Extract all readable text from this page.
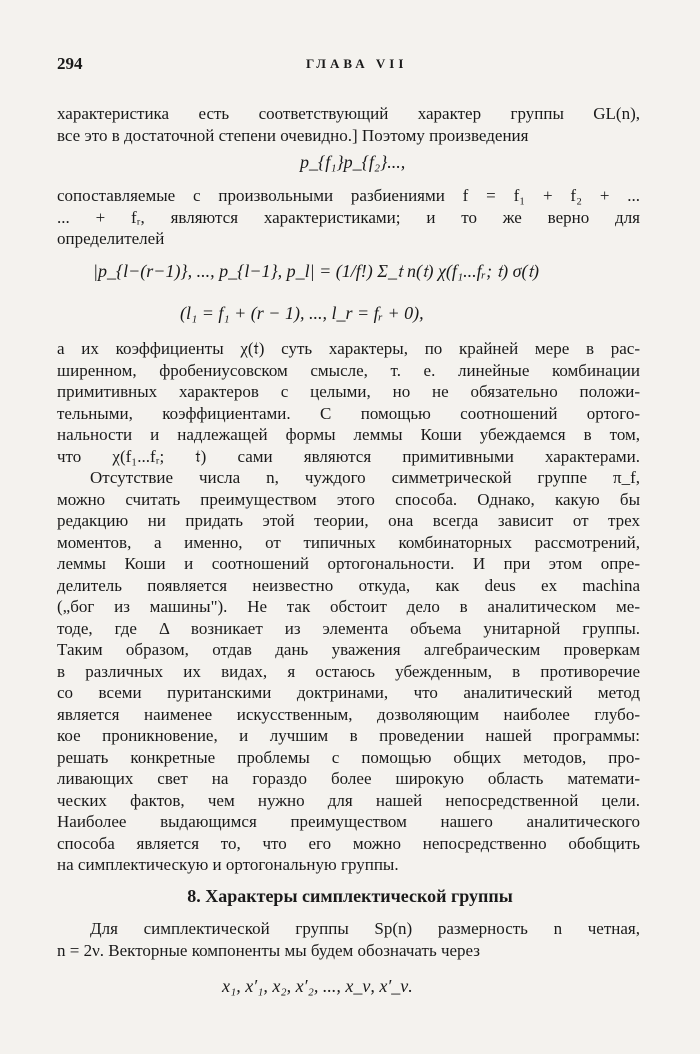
294	ГЛАВА VII
характеристика есть соответствующий характер группы GL(n),
все это в достаточной степени очевидно.] Поэтому произведения
p_{f₁}p_{f₂}...,
сопоставляемые с произвольными разбиениями f = f₁ + f₂ + ...
... + fᵣ, являются характеристиками; и то же верно для
определителей
|p_{l−(r−1)}, ..., p_{l−1}, p_l| = (1/f!) Σ_𝔱 n(𝔱) χ(f₁...fᵣ; 𝔱) σ(𝔱)
(l₁ = f₁ + (r − 1), ..., l_r = fᵣ + 0),
а их коэффициенты χ(𝔱) суть характеры, по крайней мере в рас-
ширенном, фробениусовском смысле, т. е. линейные комбинации
примитивных характеров с целыми, но не обязательно положи-
тельными, коэффициентами. С помощью соотношений ортого-
нальности и надлежащей формы леммы Коши убеждаемся в том,
что χ(f₁...fᵣ; 𝔱) сами являются примитивными характерами.
Отсутствие числа n, чуждого симметрической группе π_f,
можно считать преимуществом этого способа. Однако, какую бы
редакцию ни придать этой теории, она всегда зависит от трех
моментов, а именно, от типичных комбинаторных рассмотрений,
леммы Коши и соотношений ортогональности. И при этом опре-
делитель появляется неизвестно откуда, как deus ex machina
(„бог из машины"). Не так обстоит дело в аналитическом ме-
тоде, где Δ возникает из элемента объема унитарной группы.
Таким образом, отдав дань уважения алгебраическим проверкам
в различных их видах, я остаюсь убежденным, в противоречие
со всеми пуританскими доктринами, что аналитический метод
является наименее искусственным, дозволяющим наиболее глубо-
кое проникновение, и лучшим в проведении нашей программы:
решать конкретные проблемы с помощью общих методов, про-
ливающих свет на гораздо более широкую область математи-
ческих фактов, чем нужно для нашей непосредственной цели.
Наиболее выдающимся преимуществом нашего аналитического
способа является то, что его можно непосредственно обобщить
на симплектическую и ортогональную группы.
8. Характеры симплектической группы
Для симплектической группы Sp(n) размерность n четная,
n = 2ν. Векторные компоненты мы будем обозначать через
x₁, x′₁, x₂, x′₂, ..., x_ν, x′_ν.
